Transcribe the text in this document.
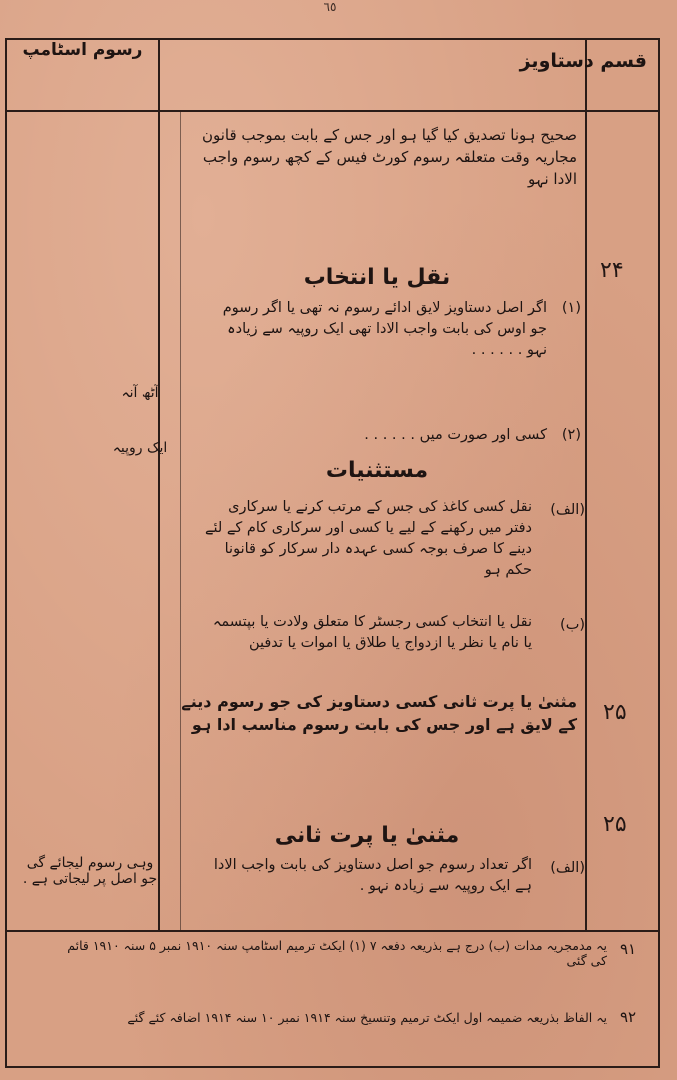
٦٥
قسم دستاویز
رسوم اسٹامپ
صحیح ہونا تصدیق کیا گیا ہو اور جس کے بابت بموجب قانون مجاریہ وقت متعلقہ رسوم کورٹ فیس کے کچھ رسوم واجب الادا نہو
۲۴
نقل یا انتخاب
(۱)
اگر اصل دستاویز لایق ادائے رسوم نہ تھی یا اگر رسوم جو اوس کی بابت واجب الادا تھی ایک روپیہ سے زیادہ نہو . . . . . .
آٹھ آنہ
(۲)
کسی اور صورت میں . . . . . .
ایک روپیہ
مستثنیات
(الف)
نقل کسی کاغذ کی جس کے مرتب کرنے یا سرکاری دفتر میں رکھنے کے لیے یا کسی اور سرکاری کام کے لئے دینے کا صرف بوجہ کسی عہدہ دار سرکار کو قانونا حکم ہو
(ب)
نقل یا انتخاب کسی رجسٹر کا متعلق ولادت یا بپتسمہ یا نام یا نظر یا ازدواج یا طلاق یا اموات یا تدفین
۲۵
مثنیٰ یا پرت ثانی کسی دستاویز کی جو رسوم دینے کے لایق ہے اور جس کی بابت رسوم مناسب ادا ہو
۲۵
مثنیٰ یا پرت ثانی
(الف)
اگر تعداد رسوم جو اصل دستاویز کی بابت واجب الادا ہے ایک روپیہ سے زیادہ نہو .
وہی رسوم لیجائے گی جو اصل پر لیجاتی ہے .
۹۱
یہ مدمجریہ مدات (ب) درج ہے بذریعہ دفعہ ۷ (۱) ایکٹ ترمیم اسٹامپ سنہ ۱۹۱۰ نمبر ۵ سنہ ۱۹۱۰ قائم کی گئی
۹۲
یہ الفاظ بذریعہ ضمیمہ اول ایکٹ ترمیم وتنسیخ سنہ ۱۹۱۴ نمبر ۱۰ سنہ ۱۹۱۴ اضافہ کئے گئے
